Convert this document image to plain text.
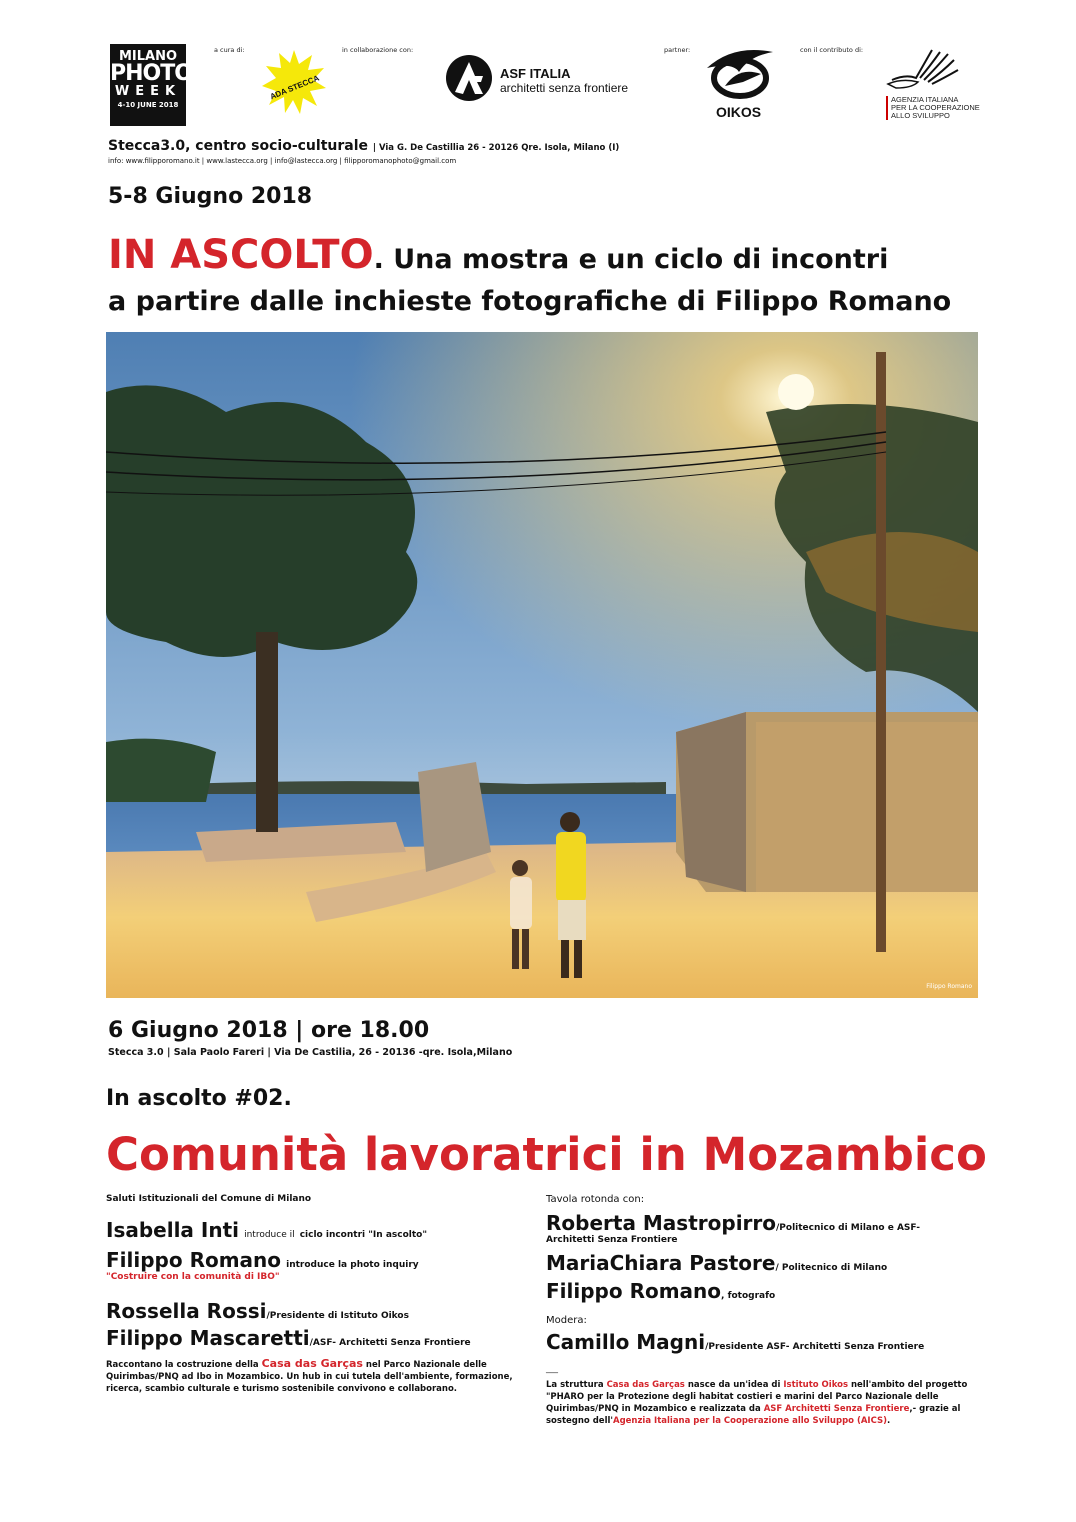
MILANO
PHOTO
WEEK
4-10 JUNE 2018
a cura di:
ADA STECCA
in collaborazione con:
ASF ITALIA
architetti senza frontiere
partner:
OIKOS
con il contributo di:
AGENZIA ITALIANA
PER LA COOPERAZIONE
ALLO SVILUPPO
Stecca3.0, centro socio-culturale | Via G. De Castillia 26 - 20126 Qre. Isola, Milano (I)
info: www.filipporomano.it | www.lastecca.org | info@lastecca.org | filipporomanophoto@gmail.com
5-8 Giugno 2018
IN ASCOLTO. Una mostra e un ciclo di incontri
a partire dalle inchieste fotografiche di Filippo Romano
Filippo Romano
6 Giugno 2018 | ore 18.00
Stecca 3.0 | Sala Paolo Fareri | Via De Castilia, 26 - 20136 -qre. Isola,Milano
In ascolto #02.
Comunità lavoratrici in Mozambico
Saluti Istituzionali del Comune di Milano
Isabella Inti introduce il ciclo incontri "In ascolto"
Filippo Romano introduce la photo inquiry
"Costruire con la comunità di IBO"
Rossella Rossi/Presidente di Istituto Oikos
Filippo Mascaretti/ASF- Architetti Senza Frontiere
Raccontano la costruzione della Casa das Garças nel Parco Nazionale delle Quirimbas/PNQ ad Ibo in Mozambico. Un hub in cui tutela dell'ambiente, formazione, ricerca, scambio culturale e turismo sostenibile convivono e collaborano.
Tavola rotonda con:
Roberta Mastropirro/Politecnico di Milano e ASF-
Architetti Senza Frontiere
MariaChiara Pastore/ Politecnico di Milano
Filippo Romano, fotografo
Modera:
Camillo Magni/Presidente ASF- Architetti Senza Frontiere
___
La struttura Casa das Garças nasce da un'idea di Istituto Oikos nell'ambito del progetto "PHARO per la Protezione degli habitat costieri e marini del Parco Nazionale delle Quirimbas/PNQ in Mozambico e realizzata da ASF Architetti Senza Frontiere,- grazie al sostegno dell'Agenzia Italiana per la Cooperazione allo Sviluppo (AICS).
